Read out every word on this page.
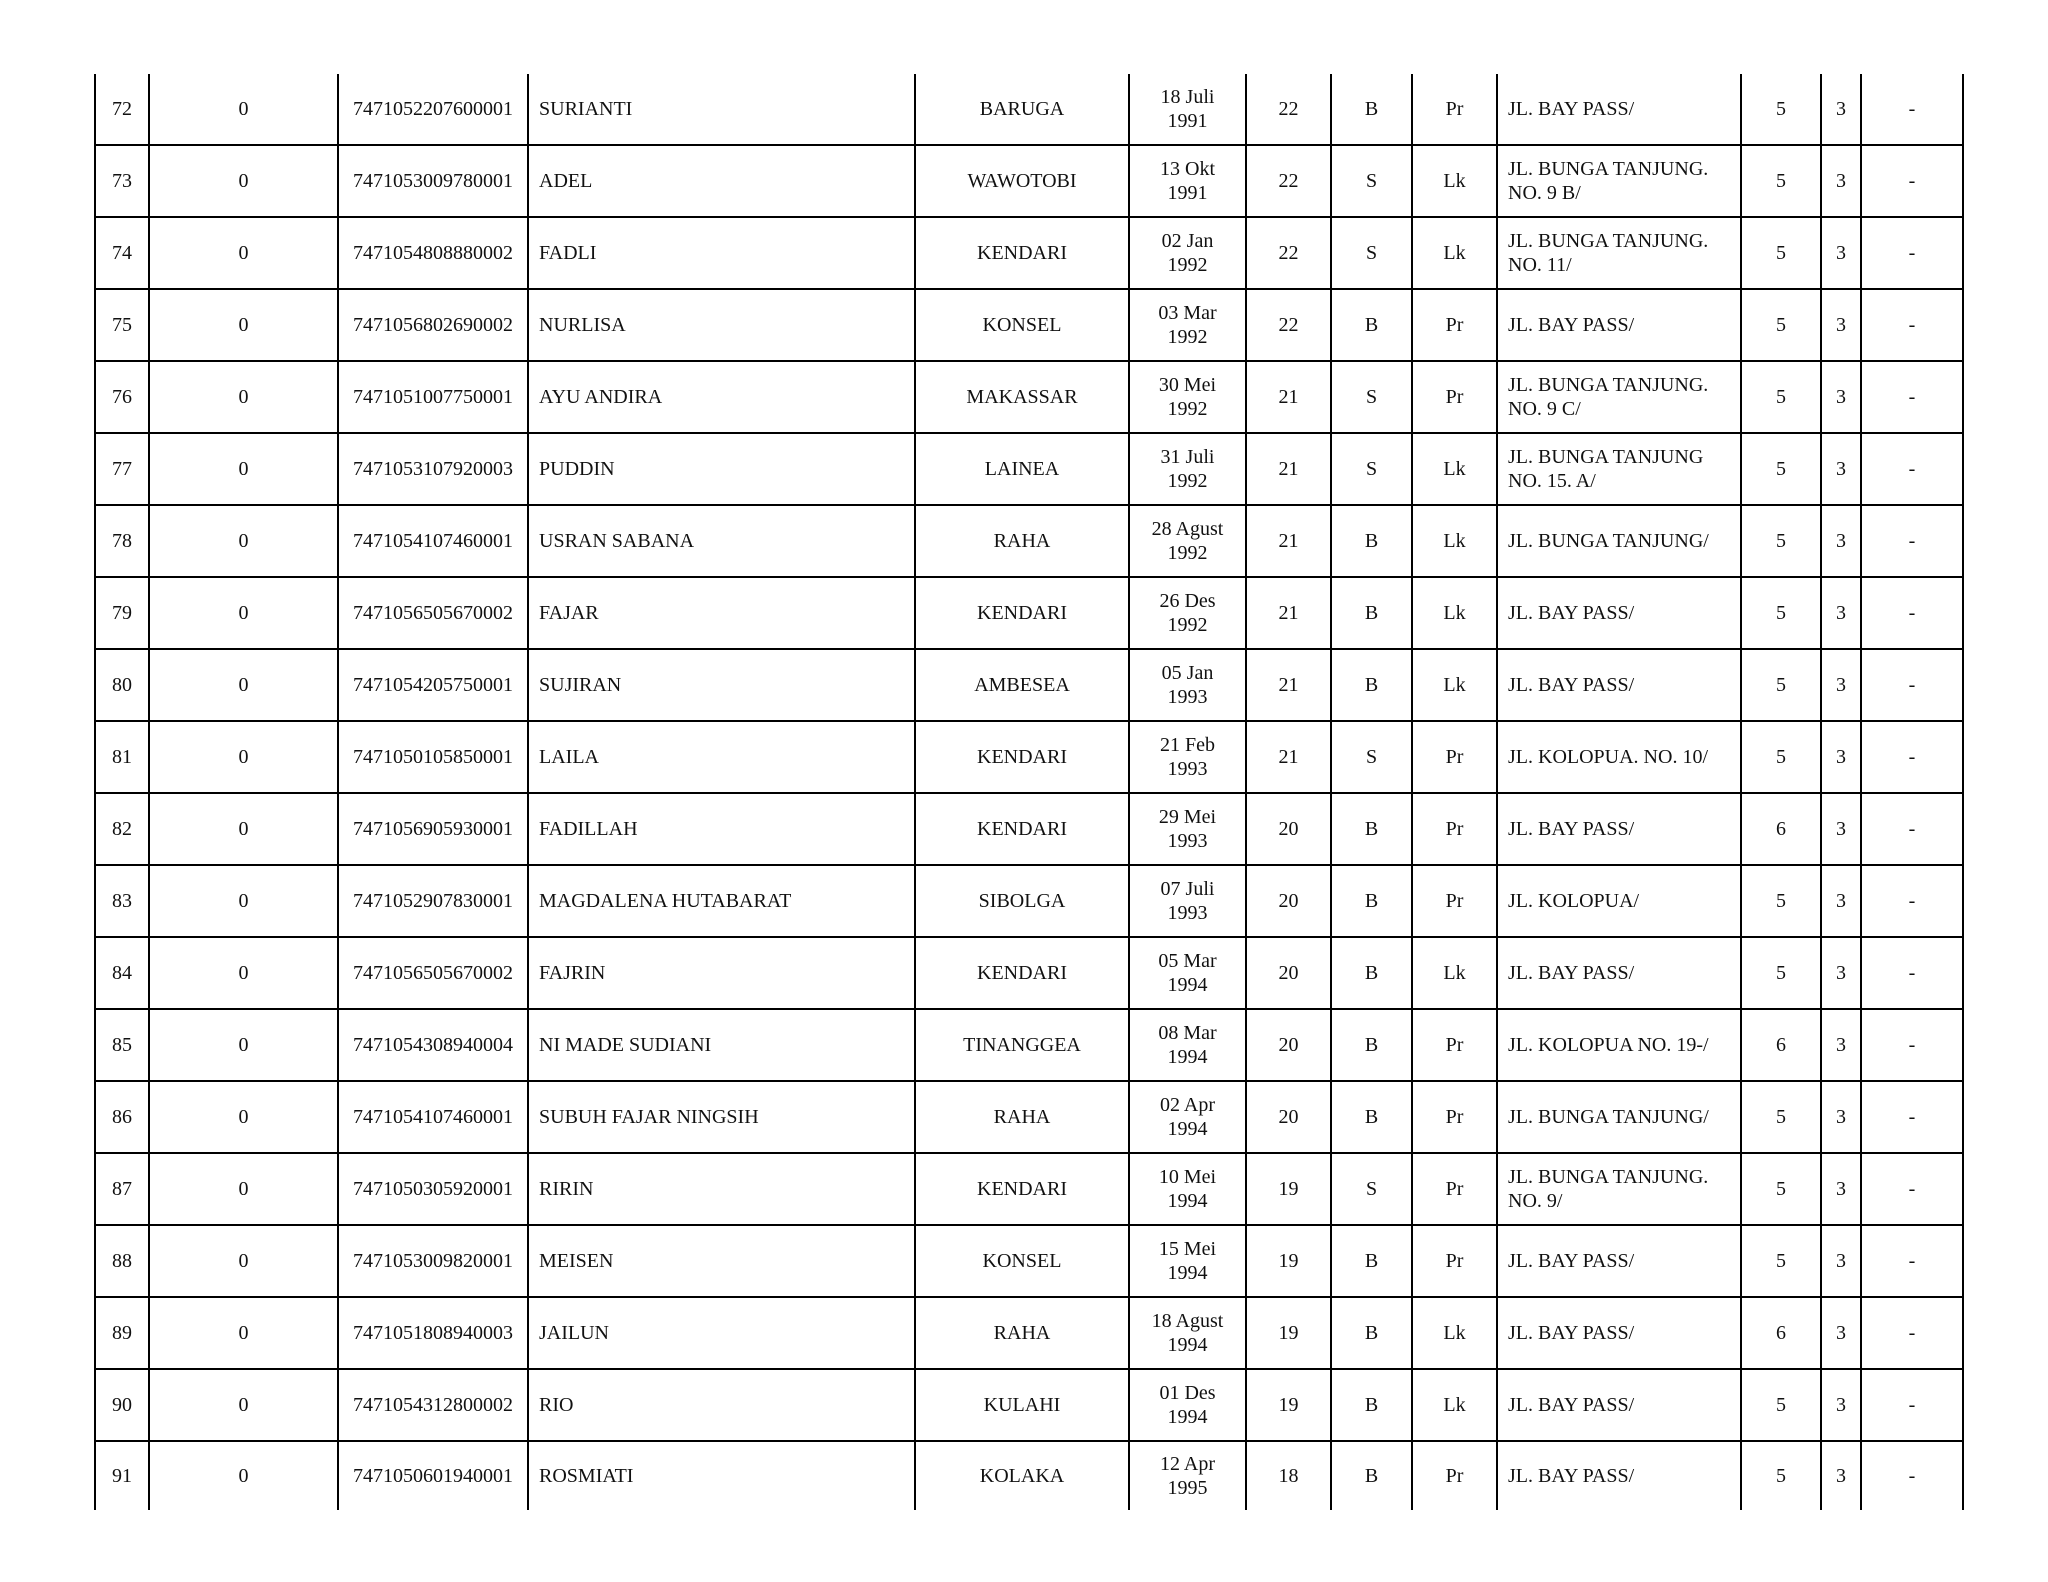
72	0	7471052207600001	SURIANTI	BARUGA	18 Juli
1991	22	B	Pr	JL. BAY PASS/	5	3	-
73	0	7471053009780001	ADEL	WAWOTOBI	13 Okt
1991	22	S	Lk	JL. BUNGA TANJUNG.
NO. 9 B/	5	3	-
74	0	7471054808880002	FADLI	KENDARI	02 Jan
1992	22	S	Lk	JL. BUNGA TANJUNG.
NO. 11/	5	3	-
75	0	7471056802690002	NURLISA	KONSEL	03 Mar
1992	22	B	Pr	JL. BAY PASS/	5	3	-
76	0	7471051007750001	AYU ANDIRA	MAKASSAR	30 Mei
1992	21	S	Pr	JL. BUNGA TANJUNG.
NO. 9 C/	5	3	-
77	0	7471053107920003	PUDDIN	LAINEA	31 Juli
1992	21	S	Lk	JL. BUNGA TANJUNG
NO. 15. A/	5	3	-
78	0	7471054107460001	USRAN SABANA	RAHA	28 Agust
1992	21	B	Lk	JL. BUNGA TANJUNG/	5	3	-
79	0	7471056505670002	FAJAR	KENDARI	26 Des
1992	21	B	Lk	JL. BAY PASS/	5	3	-
80	0	7471054205750001	SUJIRAN	AMBESEA	05 Jan
1993	21	B	Lk	JL. BAY PASS/	5	3	-
81	0	7471050105850001	LAILA	KENDARI	21 Feb
1993	21	S	Pr	JL. KOLOPUA. NO. 10/	5	3	-
82	0	7471056905930001	FADILLAH	KENDARI	29 Mei
1993	20	B	Pr	JL. BAY PASS/	6	3	-
83	0	7471052907830001	MAGDALENA HUTABARAT	SIBOLGA	07 Juli
1993	20	B	Pr	JL. KOLOPUA/	5	3	-
84	0	7471056505670002	FAJRIN	KENDARI	05 Mar
1994	20	B	Lk	JL. BAY PASS/	5	3	-
85	0	7471054308940004	NI MADE SUDIANI	TINANGGEA	08 Mar
1994	20	B	Pr	JL. KOLOPUA NO. 19-/	6	3	-
86	0	7471054107460001	SUBUH FAJAR NINGSIH	RAHA	02 Apr
1994	20	B	Pr	JL. BUNGA TANJUNG/	5	3	-
87	0	7471050305920001	RIRIN	KENDARI	10 Mei
1994	19	S	Pr	JL. BUNGA TANJUNG.
NO. 9/	5	3	-
88	0	7471053009820001	MEISEN	KONSEL	15 Mei
1994	19	B	Pr	JL. BAY PASS/	5	3	-
89	0	7471051808940003	JAILUN	RAHA	18 Agust
1994	19	B	Lk	JL. BAY PASS/	6	3	-
90	0	7471054312800002	RIO	KULAHI	01 Des
1994	19	B	Lk	JL. BAY PASS/	5	3	-
91	0	7471050601940001	ROSMIATI	KOLAKA	12 Apr
1995	18	B	Pr	JL. BAY PASS/	5	3	-
